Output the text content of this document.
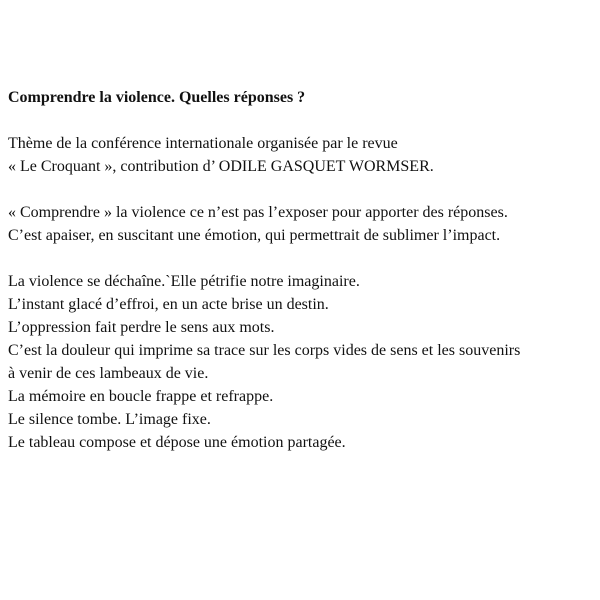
Comprendre la violence. Quelles réponses ?
Thème de la conférence internationale organisée par le revue
« Le Croquant », contribution d’ ODILE GASQUET WORMSER.
« Comprendre » la violence ce n’est pas l’exposer pour apporter des réponses.
C’est apaiser, en suscitant une émotion, qui permettrait de sublimer l’impact.
La violence se déchaîne.`Elle pétrifie notre imaginaire.
L’instant glacé d’effroi, en un acte brise un destin.
L’oppression fait perdre le sens aux mots.
C’est la douleur qui imprime sa trace sur les corps vides de sens et les souvenirs
à venir de ces lambeaux de vie.
La mémoire en boucle frappe et refrappe.
Le silence tombe. L’image fixe.
Le tableau compose et dépose une émotion partagée.
